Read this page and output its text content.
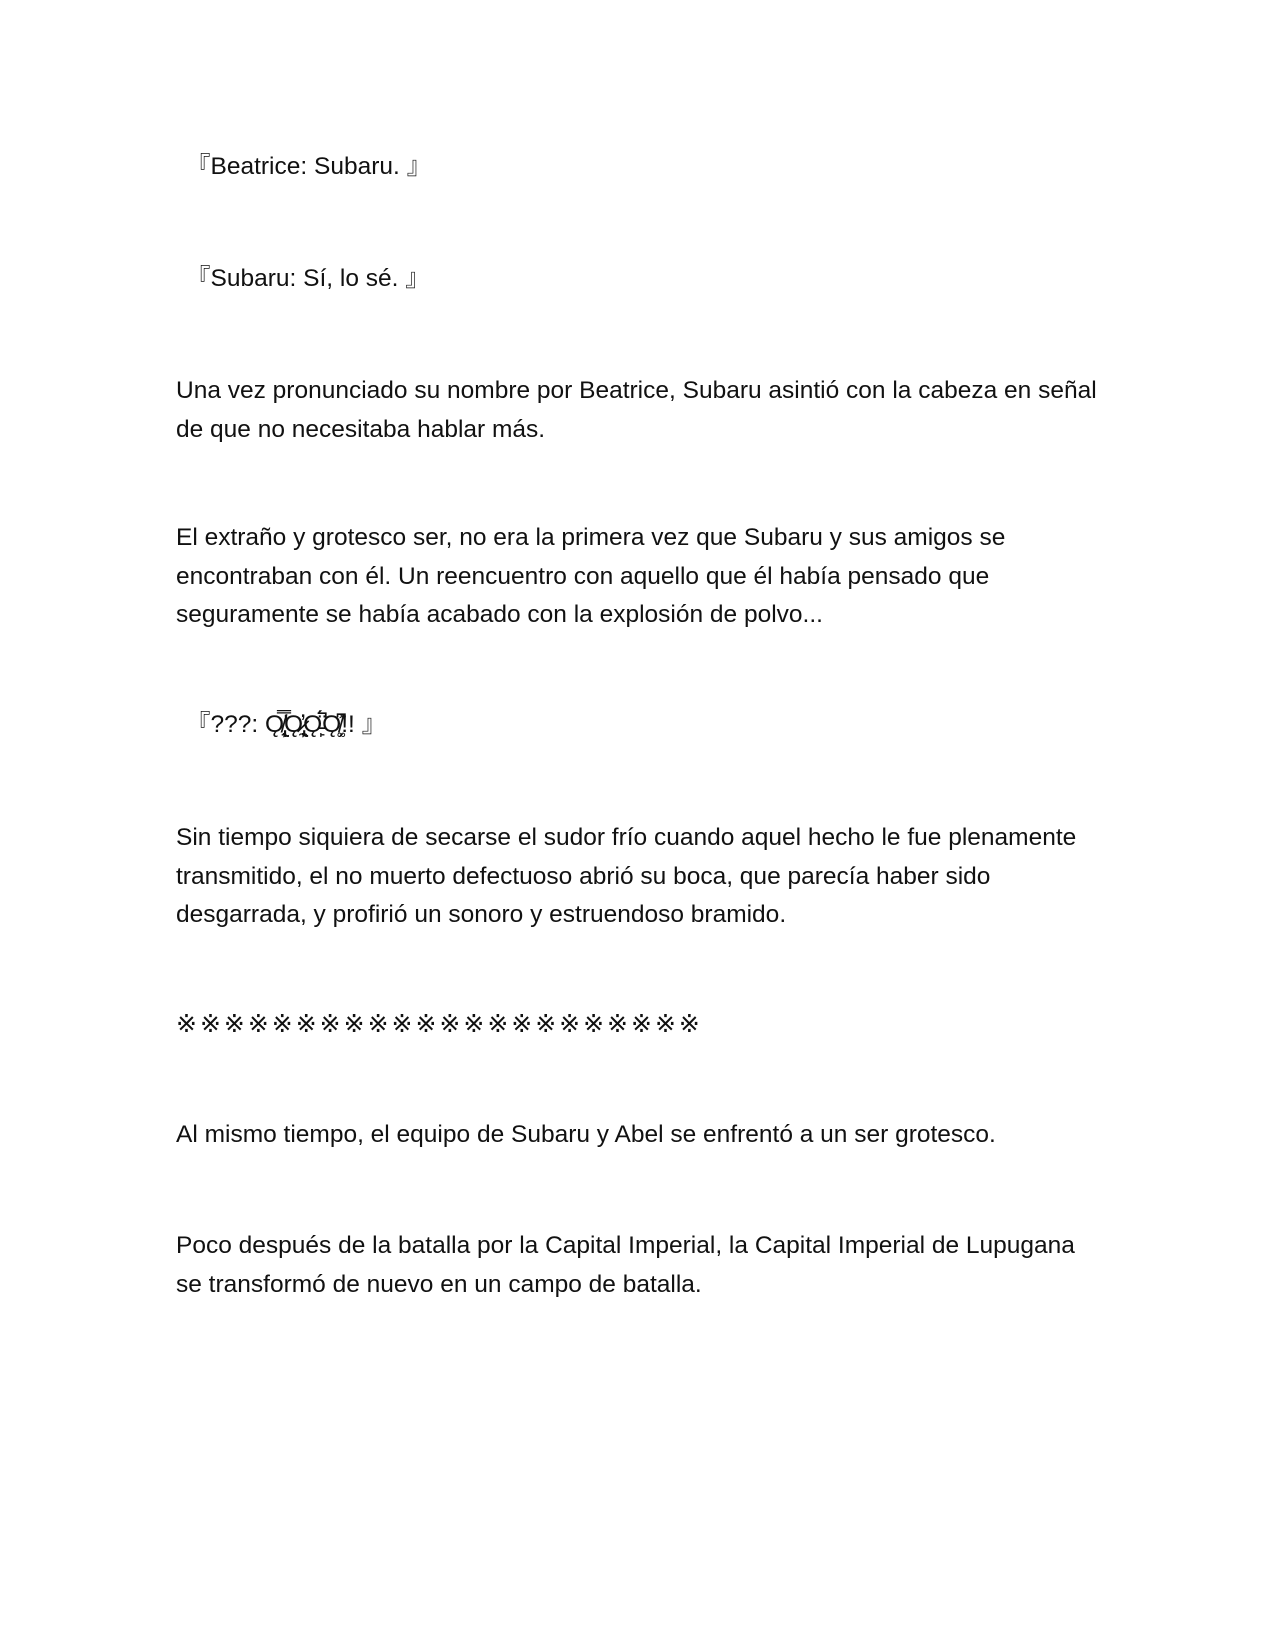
『Beatrice: Subaru. 』

『Subaru: Sí, lo sé. 』

Una vez pronunciado su nombre por Beatrice, Subaru asintió con la cabeza en señal de que no necesitaba hablar más.

El extraño y grotesco ser, no era la primera vez que Subaru y sus amigos se encontraban con él. Un reencuentro con aquello que él había pensado que seguramente se había acabado con la explosión de polvo...

『???: Ǫ̸̢̛̘̦̿Ǫ̷̢̦̼̓Ǫ̵̙̈́̚Ǫ̸̗͚͆͐!! 』

Sin tiempo siquiera de secarse el sudor frío cuando aquel hecho le fue plenamente transmitido, el no muerto defectuoso abrió su boca, que parecía haber sido desgarrada, y profirió un sonoro y estruendoso bramido.

※※※※※※※※※※※※※※※※※※※※※※

Al mismo tiempo, el equipo de Subaru y Abel se enfrentó a un ser grotesco.

Poco después de la batalla por la Capital Imperial, la Capital Imperial de Lupugana se transformó de nuevo en un campo de batalla.
